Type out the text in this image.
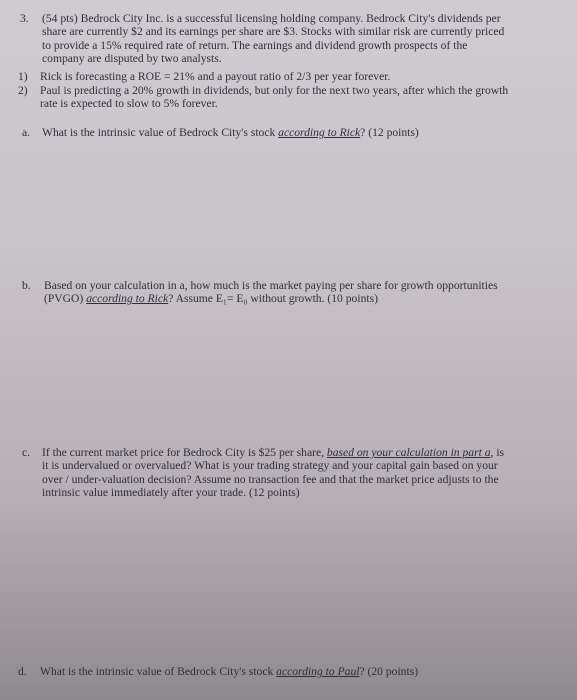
3.	(54 pts) Bedrock City Inc. is a successful licensing holding company. Bedrock City's dividends per
share are currently $2 and its earnings per share are $3. Stocks with similar risk are currently priced
to provide a 15% required rate of return. The earnings and dividend growth prospects of the
company are disputed by two analysts.
1)	Rick is forecasting a ROE = 21% and a payout ratio of 2/3 per year forever.
2)	Paul is predicting a 20% growth in dividends, but only for the next two years, after which the growth
rate is expected to slow to 5% forever.
a.	What is the intrinsic value of Bedrock City's stock according to Rick? (12 points)
b.	Based on your calculation in a, how much is the market paying per share for growth opportunities
(PVGO) according to Rick? Assume E₁= E₀ without growth. (10 points)
c.	If the current market price for Bedrock City is $25 per share, based on your calculation in part a, is
it is undervalued or overvalued? What is your trading strategy and your capital gain based on your
over / under-valuation decision? Assume no transaction fee and that the market price adjusts to the
intrinsic value immediately after your trade. (12 points)
d.	What is the intrinsic value of Bedrock City's stock according to Paul? (20 points)
